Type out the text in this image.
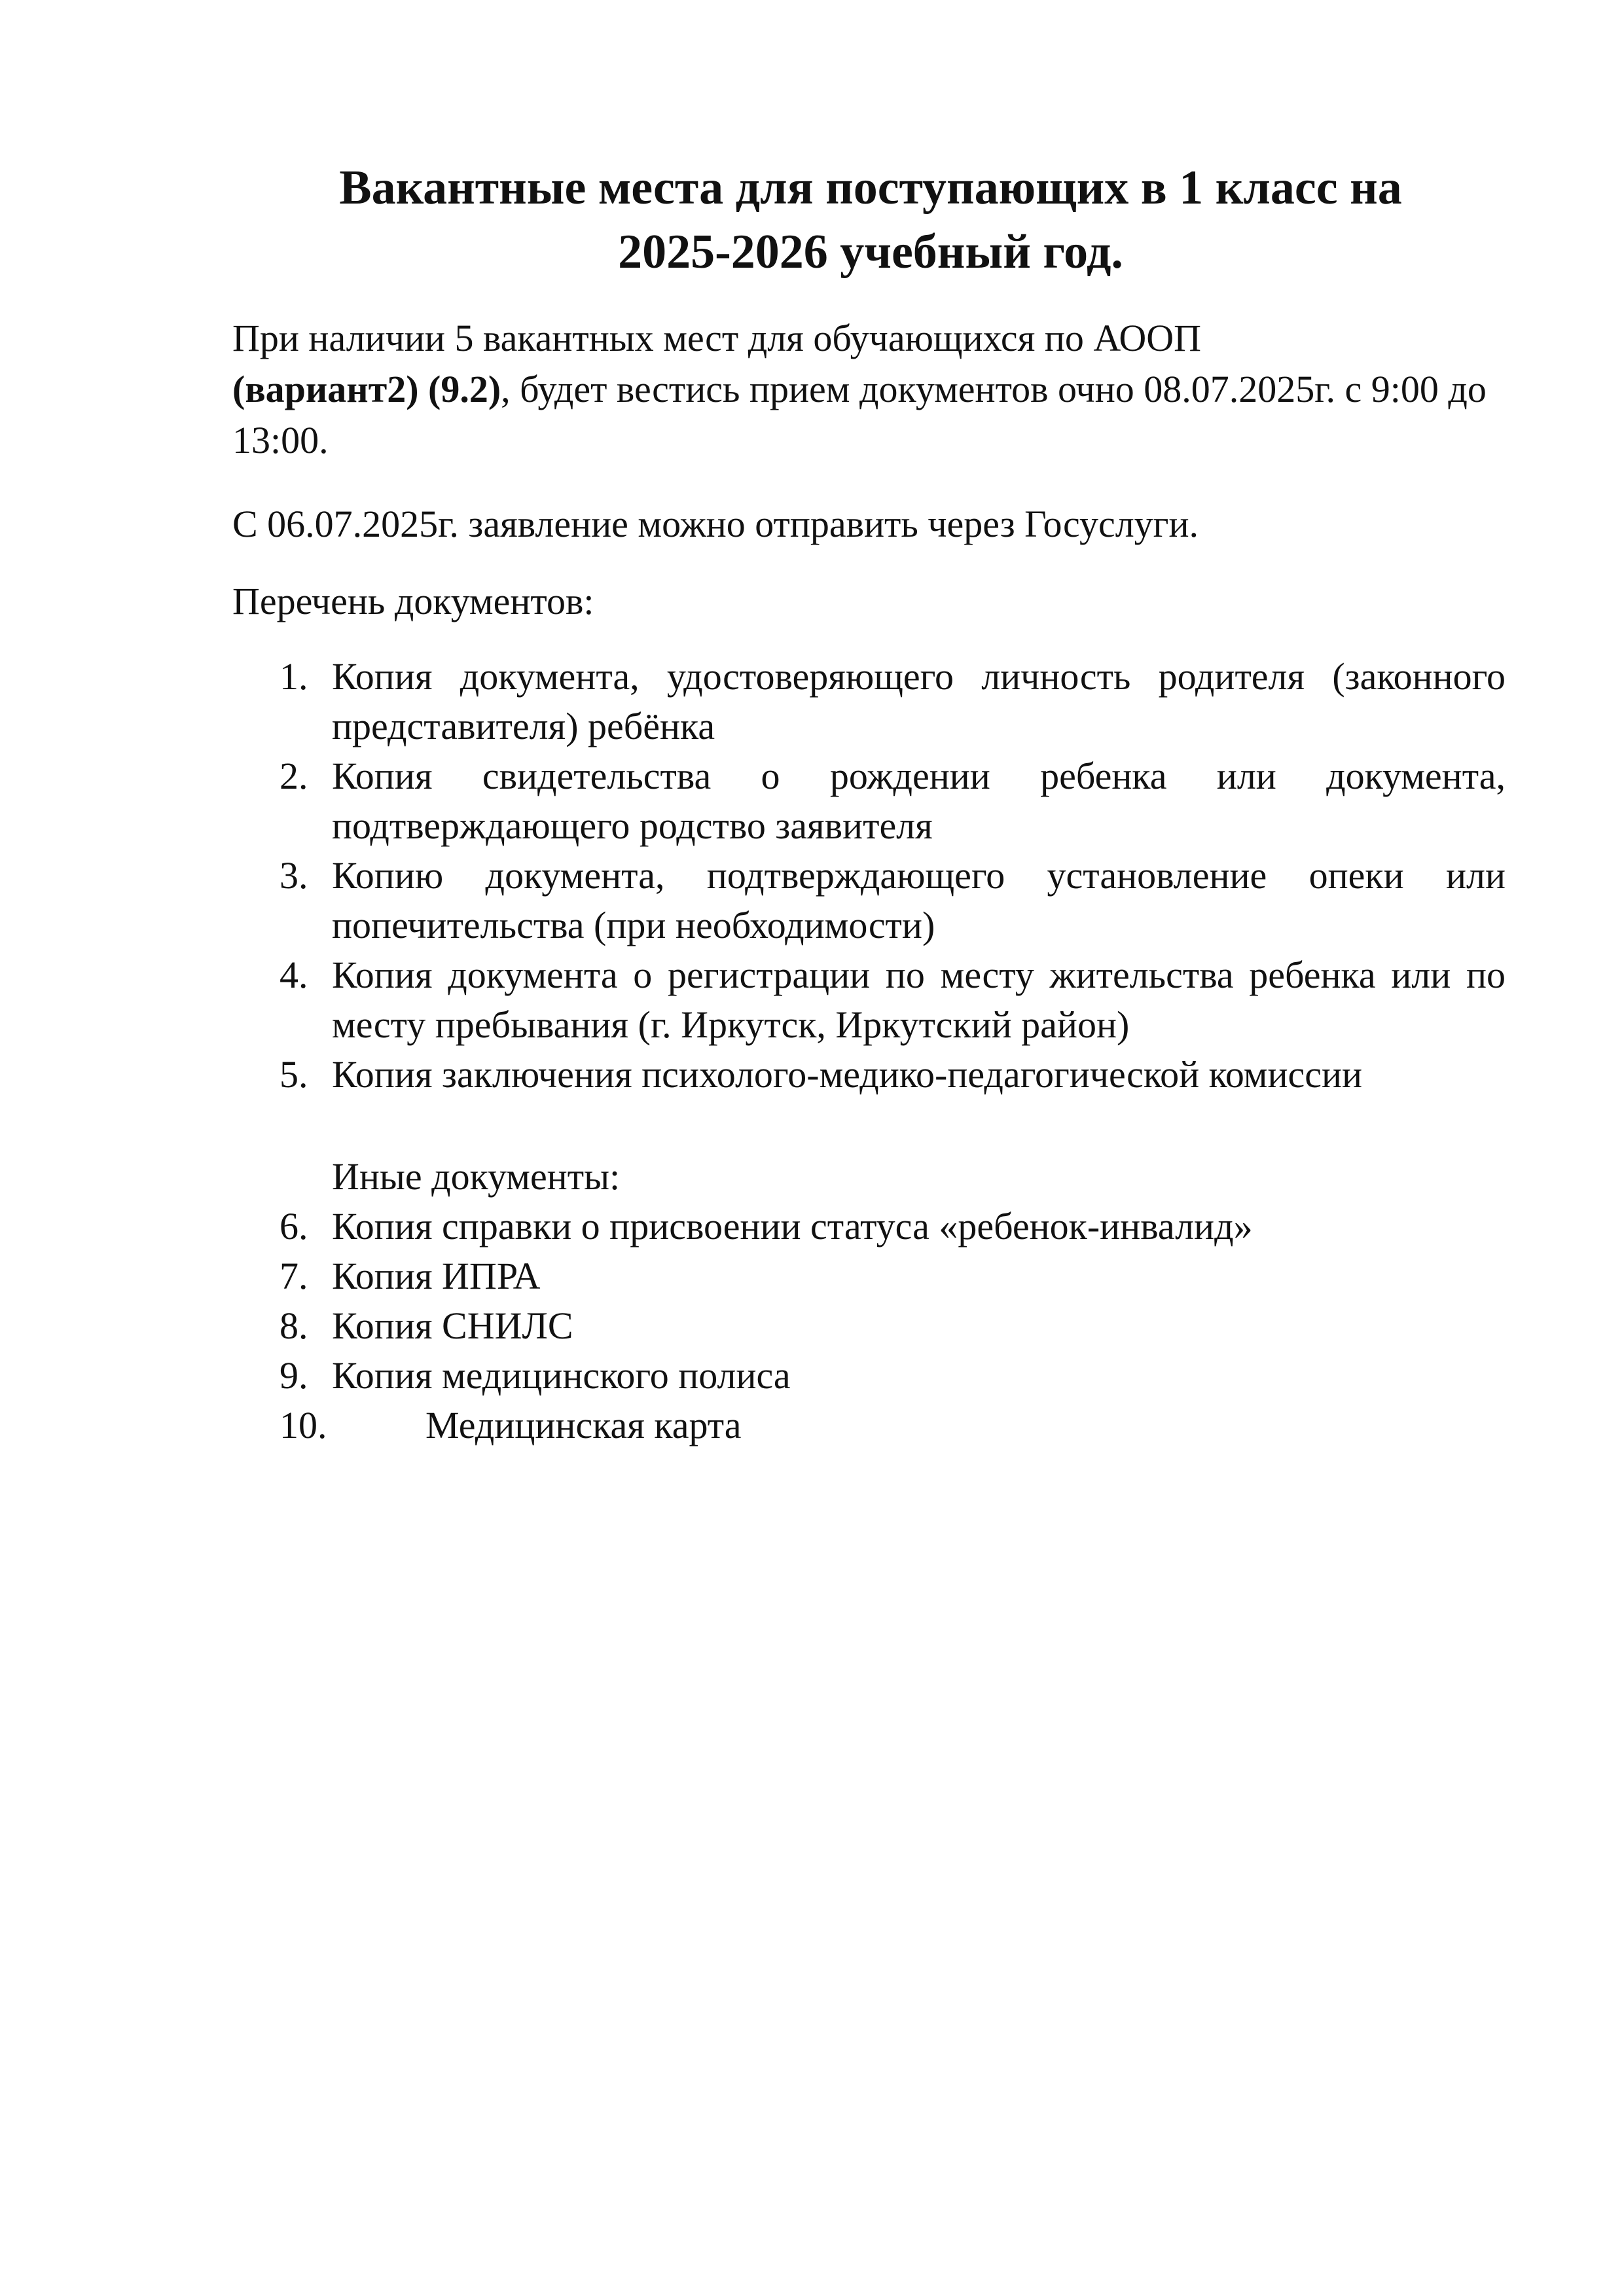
Вакантные места для поступающих в 1 класс на
2025-2026 учебный год.

При наличии 5 вакантных мест для обучающихся по АООП
(вариант2) (9.2), будет вестись прием документов очно 08.07.2025г. с 9:00 до 13:00.

С 06.07.2025г. заявление можно отправить через Госуслуги.

Перечень документов:

1. Копия документа, удостоверяющего личность родителя (законного представителя) ребёнка
2. Копия свидетельства о рождении ребенка или документа, подтверждающего родство заявителя
3. Копию документа, подтверждающего установление опеки или попечительства (при необходимости)
4. Копия документа о регистрации по месту жительства ребенка или по месту пребывания (г. Иркутск, Иркутский район)
5. Копия заключения психолого-медико-педагогической комиссии
Иные документы:
6. Копия справки о присвоении статуса «ребенок-инвалид»
7. Копия ИПРА
8. Копия СНИЛС
9. Копия медицинского полиса
10.	Медицинская карта
